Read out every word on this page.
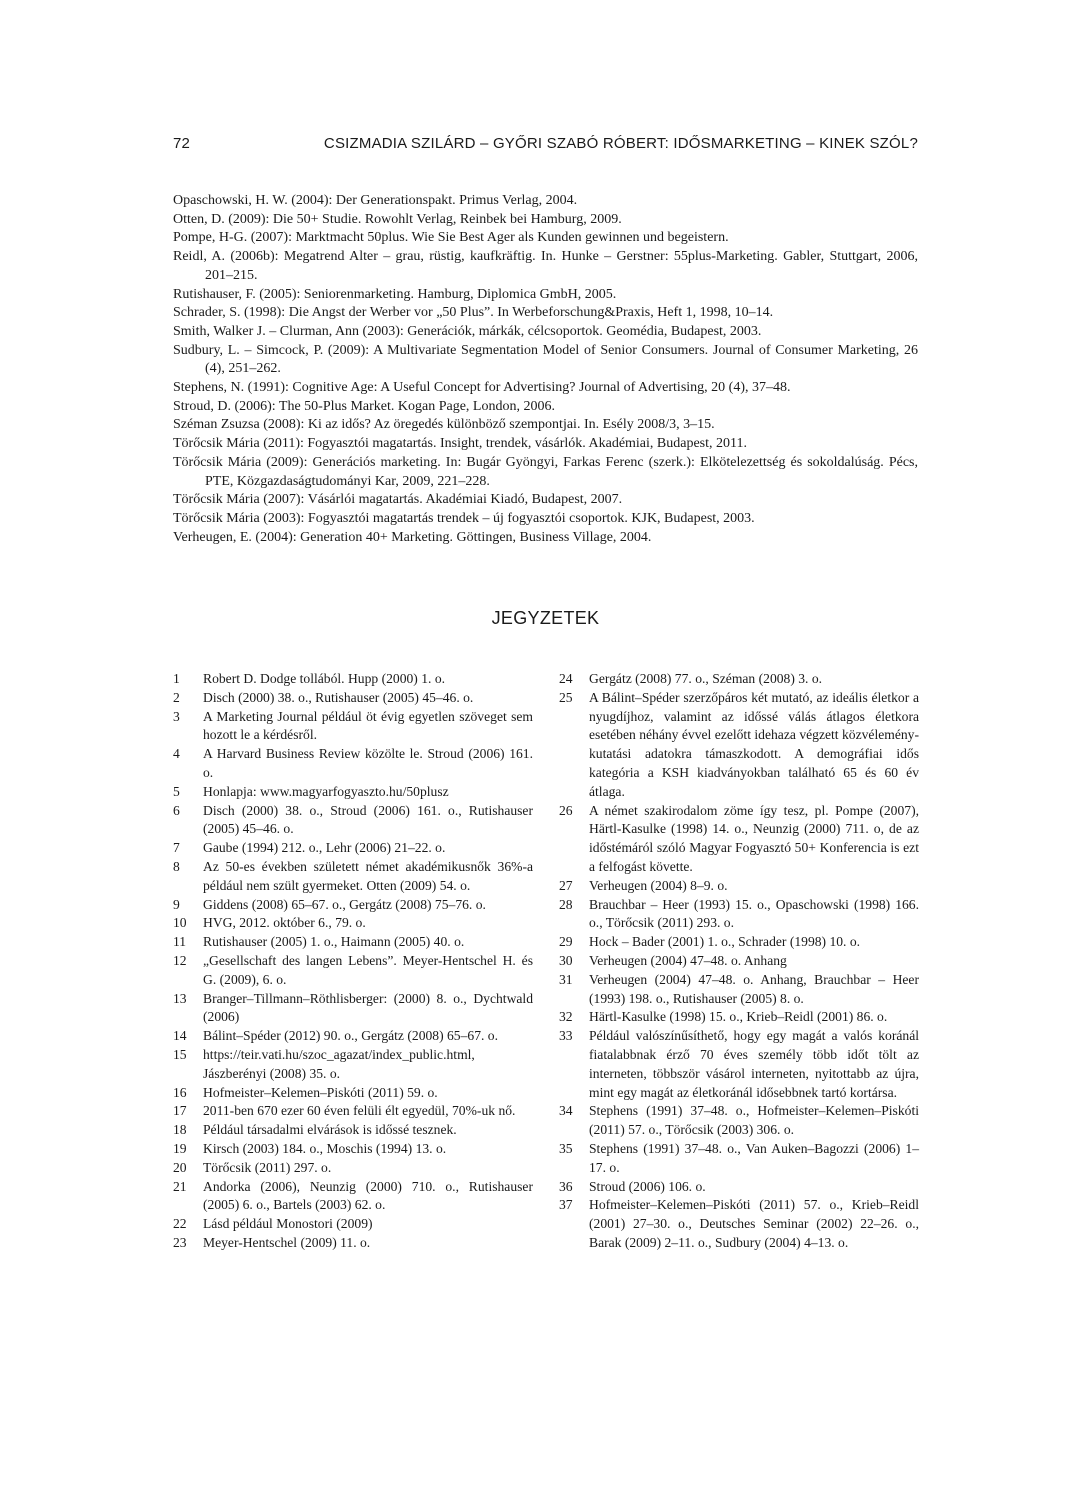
72	CSIZMADIA SZILÁRD – GYŐRI SZABÓ RÓBERT: IDŐSMARKETING – KINEK SZÓL?
Opaschowski, H. W. (2004): Der Generationspakt. Primus Verlag, 2004.
Otten, D. (2009): Die 50+ Studie. Rowohlt Verlag, Reinbek bei Hamburg, 2009.
Pompe, H-G. (2007): Marktmacht 50plus. Wie Sie Best Ager als Kunden gewinnen und begeistern.
Reidl, A. (2006b): Megatrend Alter – grau, rüstig, kaufkräftig. In. Hunke – Gerstner: 55plus-Marketing. Gabler, Stuttgart, 2006, 201–215.
Rutishauser, F. (2005): Seniorenmarketing. Hamburg, Diplomica GmbH, 2005.
Schrader, S. (1998): Die Angst der Werber vor „50 Plus”. In Werbeforschung&Praxis, Heft 1, 1998, 10–14.
Smith, Walker J. – Clurman, Ann (2003): Generációk, márkák, célcsoportok. Geomédia, Budapest, 2003.
Sudbury, L. – Simcock, P. (2009): A Multivariate Segmentation Model of Senior Consumers. Journal of Consumer Marketing, 26 (4), 251–262.
Stephens, N. (1991): Cognitive Age: A Useful Concept for Advertising? Journal of Advertising, 20 (4), 37–48.
Stroud, D. (2006): The 50-Plus Market. Kogan Page, London, 2006.
Széman Zsuzsa (2008): Ki az idős? Az öregedés különböző szempontjai. In. Esély 2008/3, 3–15.
Törőcsik Mária (2011): Fogyasztói magatartás. Insight, trendek, vásárlók. Akadémiai, Budapest, 2011.
Törőcsik Mária (2009): Generációs marketing. In: Bugár Gyöngyi, Farkas Ferenc (szerk.): Elkötelezettség és sokoldalúság. Pécs, PTE, Közgazdaságtudományi Kar, 2009, 221–228.
Törőcsik Mária (2007): Vásárlói magatartás. Akadémiai Kiadó, Budapest, 2007.
Törőcsik Mária (2003): Fogyasztói magatartás trendek – új fogyasztói csoportok. KJK, Budapest, 2003.
Verheugen, E. (2004): Generation 40+ Marketing. Göttingen, Business Village, 2004.
JEGYZETEK
1	Robert D. Dodge tollából. Hupp (2000) 1. o.
2	Disch (2000) 38. o., Rutishauser (2005) 45–46. o.
3	A Marketing Journal például öt évig egyetlen szöveget sem hozott le a kérdésről.
4	A Harvard Business Review közölte le. Stroud (2006) 161. o.
5	Honlapja: www.magyarfogyaszto.hu/50plusz
6	Disch (2000) 38. o., Stroud (2006) 161. o., Rutishauser (2005) 45–46. o.
7	Gaube (1994) 212. o., Lehr (2006) 21–22. o.
8	Az 50-es években született német akadémikusnők 36%-a például nem szült gyermeket. Otten (2009) 54. o.
9	Giddens (2008) 65–67. o., Gergátz (2008) 75–76. o.
10	HVG, 2012. október 6., 79. o.
11	Rutishauser (2005) 1. o., Haimann (2005) 40. o.
12	„Gesellschaft des langen Lebens”. Meyer-Hentschel H. és G. (2009), 6. o.
13	Branger–Tillmann–Röthlisberger: (2000) 8. o., Dychtwald (2006)
14	Bálint–Spéder (2012) 90. o., Gergátz (2008) 65–67. o.
15	https://teir.vati.hu/szoc_agazat/index_public.html, Jászberényi (2008) 35. o.
16	Hofmeister–Kelemen–Piskóti (2011) 59. o.
17	2011-ben 670 ezer 60 éven felüli élt egyedül, 70%-uk nő.
18	Például társadalmi elvárások is időssé tesznek.
19	Kirsch (2003) 184. o., Moschis (1994) 13. o.
20	Törőcsik (2011) 297. o.
21	Andorka (2006), Neunzig (2000) 710. o., Rutishauser (2005) 6. o., Bartels (2003) 62. o.
22	Lásd például Monostori (2009)
23	Meyer-Hentschel (2009) 11. o.
24	Gergátz (2008) 77. o., Széman (2008) 3. o.
25	A Bálint–Spéder szerzőpáros két mutató, az ideális életkor a nyugdíjhoz, valamint az időssé válás átlagos életkora esetében néhány évvel ezelőtt idehaza végzett közvélemény-kutatási adatokra támaszkodott. A demográfiai idős kategória a KSH kiadványokban található 65 és 60 év átlaga.
26	A német szakirodalom zöme így tesz, pl. Pompe (2007), Härtl-Kasulke (1998) 14. o., Neunzig (2000) 711. o, de az időstémáról szóló Magyar Fogyasztó 50+ Konferencia is ezt a felfogást követte.
27	Verheugen (2004) 8–9. o.
28	Brauchbar – Heer (1993) 15. o., Opaschowski (1998) 166. o., Törőcsik (2011) 293. o.
29	Hock – Bader (2001) 1. o., Schrader (1998) 10. o.
30	Verheugen (2004) 47–48. o. Anhang
31	Verheugen (2004) 47–48. o. Anhang, Brauchbar – Heer (1993) 198. o., Rutishauser (2005) 8. o.
32	Härtl-Kasulke (1998) 15. o., Krieb–Reidl (2001) 86. o.
33	Például valószínűsíthető, hogy egy magát a valós koránál fiatalabbnak érző 70 éves személy több időt tölt az interneten, többször vásárol interneten, nyitottabb az újra, mint egy magát az életkoránál idősebbnek tartó kortársa.
34	Stephens (1991) 37–48. o., Hofmeister–Kelemen–Piskóti (2011) 57. o., Törőcsik (2003) 306. o.
35	Stephens (1991) 37–48. o., Van Auken–Bagozzi (2006) 1–17. o.
36	Stroud (2006) 106. o.
37	Hofmeister–Kelemen–Piskóti (2011) 57. o., Krieb–Reidl (2001) 27–30. o., Deutsches Seminar (2002) 22–26. o., Barak (2009) 2–11. o., Sudbury (2004) 4–13. o.
